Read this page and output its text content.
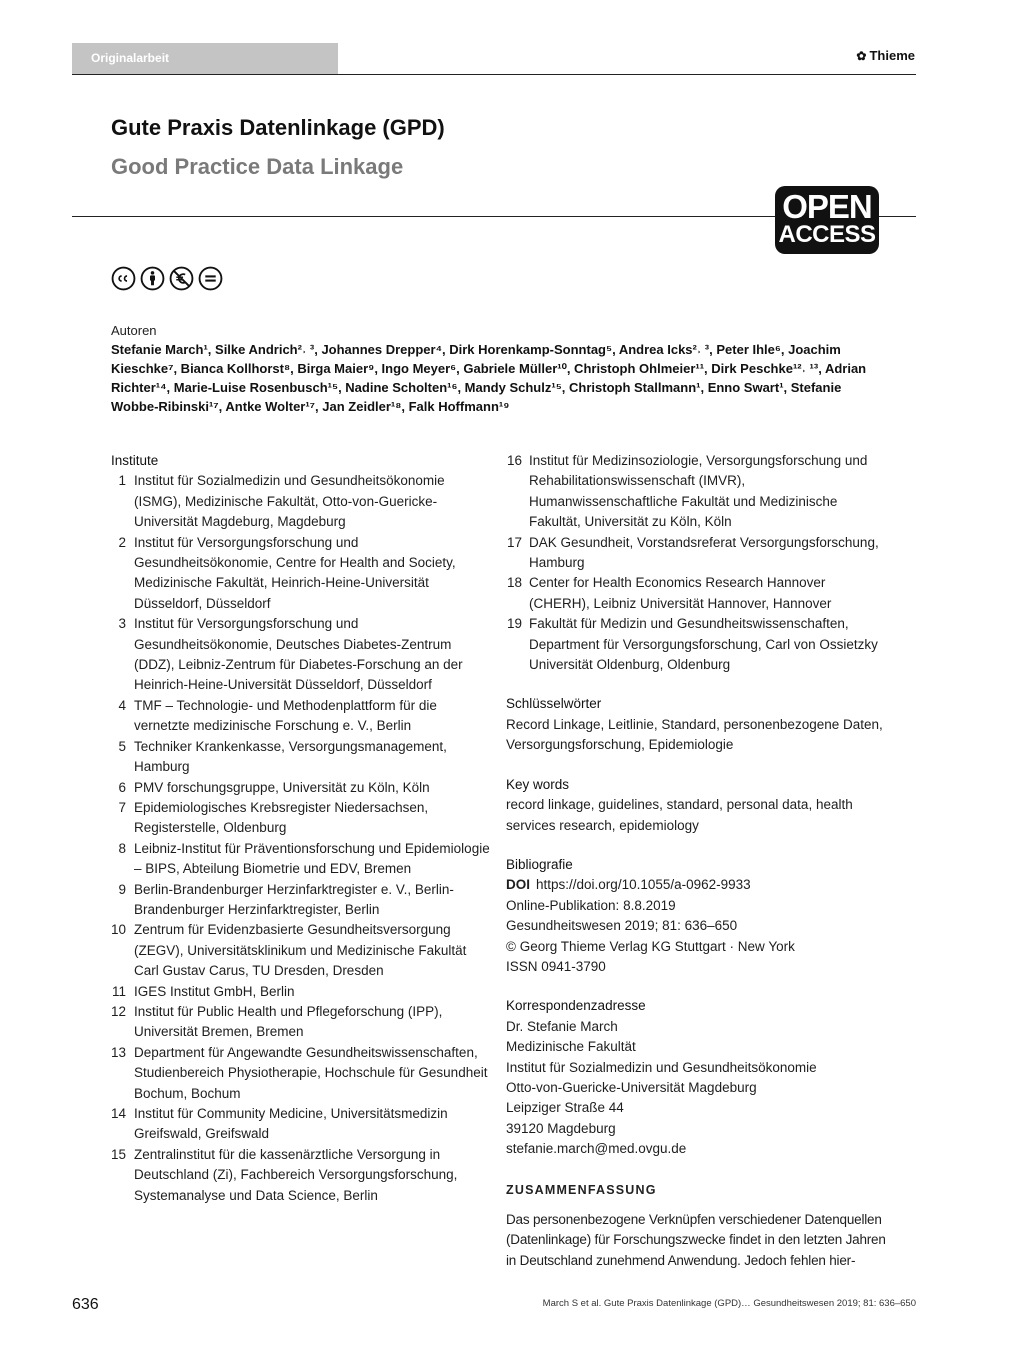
Originalarbeit	✿ Thieme
Gute Praxis Datenlinkage (GPD)
Good Practice Data Linkage
OPEN
ACCESS
Autoren
Stefanie March¹, Silke Andrich²˒ ³, Johannes Drepper⁴, Dirk Horenkamp-Sonntag⁵, Andrea Icks²˒ ³, Peter Ihle⁶, Joachim Kieschke⁷, Bianca Kollhorst⁸, Birga Maier⁹, Ingo Meyer⁶, Gabriele Müller¹⁰, Christoph Ohlmeier¹¹, Dirk Peschke¹²˒ ¹³, Adrian Richter¹⁴, Marie-Luise Rosenbusch¹⁵, Nadine Scholten¹⁶, Mandy Schulz¹⁵, Christoph Stallmann¹, Enno Swart¹, Stefanie Wobbe-Ribinski¹⁷, Antke Wolter¹⁷, Jan Zeidler¹⁸, Falk Hoffmann¹⁹
Institute
1 Institut für Sozialmedizin und Gesundheitsökonomie (ISMG), Medizinische Fakultät, Otto-von-Guericke-Universität Magdeburg, Magdeburg
2 Institut für Versorgungsforschung und Gesundheitsökonomie, Centre for Health and Society, Medizinische Fakultät, Heinrich-Heine-Universität Düsseldorf, Düsseldorf
3 Institut für Versorgungsforschung und Gesundheitsökonomie, Deutsches Diabetes-Zentrum (DDZ), Leibniz-Zentrum für Diabetes-Forschung an der Heinrich-Heine-Universität Düsseldorf, Düsseldorf
4 TMF – Technologie- und Methodenplattform für die vernetzte medizinische Forschung e. V., Berlin
5 Techniker Krankenkasse, Versorgungsmanagement, Hamburg
6 PMV forschungsgruppe, Universität zu Köln, Köln
7 Epidemiologisches Krebsregister Niedersachsen, Registerstelle, Oldenburg
8 Leibniz-Institut für Präventionsforschung und Epidemiologie – BIPS, Abteilung Biometrie und EDV, Bremen
9 Berlin-Brandenburger Herzinfarktregister e. V., Berlin-Brandenburger Herzinfarktregister, Berlin
10 Zentrum für Evidenzbasierte Gesundheitsversorgung (ZEGV), Universitätsklinikum und Medizinische Fakultät Carl Gustav Carus, TU Dresden, Dresden
11 IGES Institut GmbH, Berlin
12 Institut für Public Health und Pflegeforschung (IPP), Universität Bremen, Bremen
13 Department für Angewandte Gesundheitswissenschaften, Studienbereich Physiotherapie, Hochschule für Gesundheit Bochum, Bochum
14 Institut für Community Medicine, Universitätsmedizin Greifswald, Greifswald
15 Zentralinstitut für die kassenärztliche Versorgung in Deutschland (Zi), Fachbereich Versorgungsforschung, Systemanalyse und Data Science, Berlin
16 Institut für Medizinsoziologie, Versorgungsforschung und Rehabilitationswissenschaft (IMVR), Humanwissenschaftliche Fakultät und Medizinische Fakultät, Universität zu Köln, Köln
17 DAK Gesundheit, Vorstandsreferat Versorgungsforschung, Hamburg
18 Center for Health Economics Research Hannover (CHERH), Leibniz Universität Hannover, Hannover
19 Fakultät für Medizin und Gesundheitswissenschaften, Department für Versorgungsforschung, Carl von Ossietzky Universität Oldenburg, Oldenburg
Schlüsselwörter

Record Linkage, Leitlinie, Standard, personenbezogene Daten, Versorgungsforschung, Epidemiologie

Key words

record linkage, guidelines, standard, personal data, health services research, epidemiology

Bibliografie

DOI https://doi.org/10.1055/a-0962-9933

Online-Publikation: 8.8.2019

Gesundheitswesen 2019; 81: 636–650

© Georg Thieme Verlag KG Stuttgart · New York

ISSN 0941-3790

Korrespondenzadresse

Dr. Stefanie March

Medizinische Fakultät

Institut für Sozialmedizin und Gesundheitsökonomie

Otto-von-Guericke-Universität Magdeburg

Leipziger Straße 44

39120 Magdeburg

stefanie.march@med.ovgu.de

ZUSAMMENFASSUNG

Das personenbezogene Verknüpfen verschiedener Datenquellen (Datenlinkage) für Forschungszwecke findet in den letzten Jahren in Deutschland zunehmend Anwendung. Jedoch fehlen hier-

636	March S et al. Gute Praxis Datenlinkage (GPD)… Gesundheitswesen 2019; 81: 636–650
